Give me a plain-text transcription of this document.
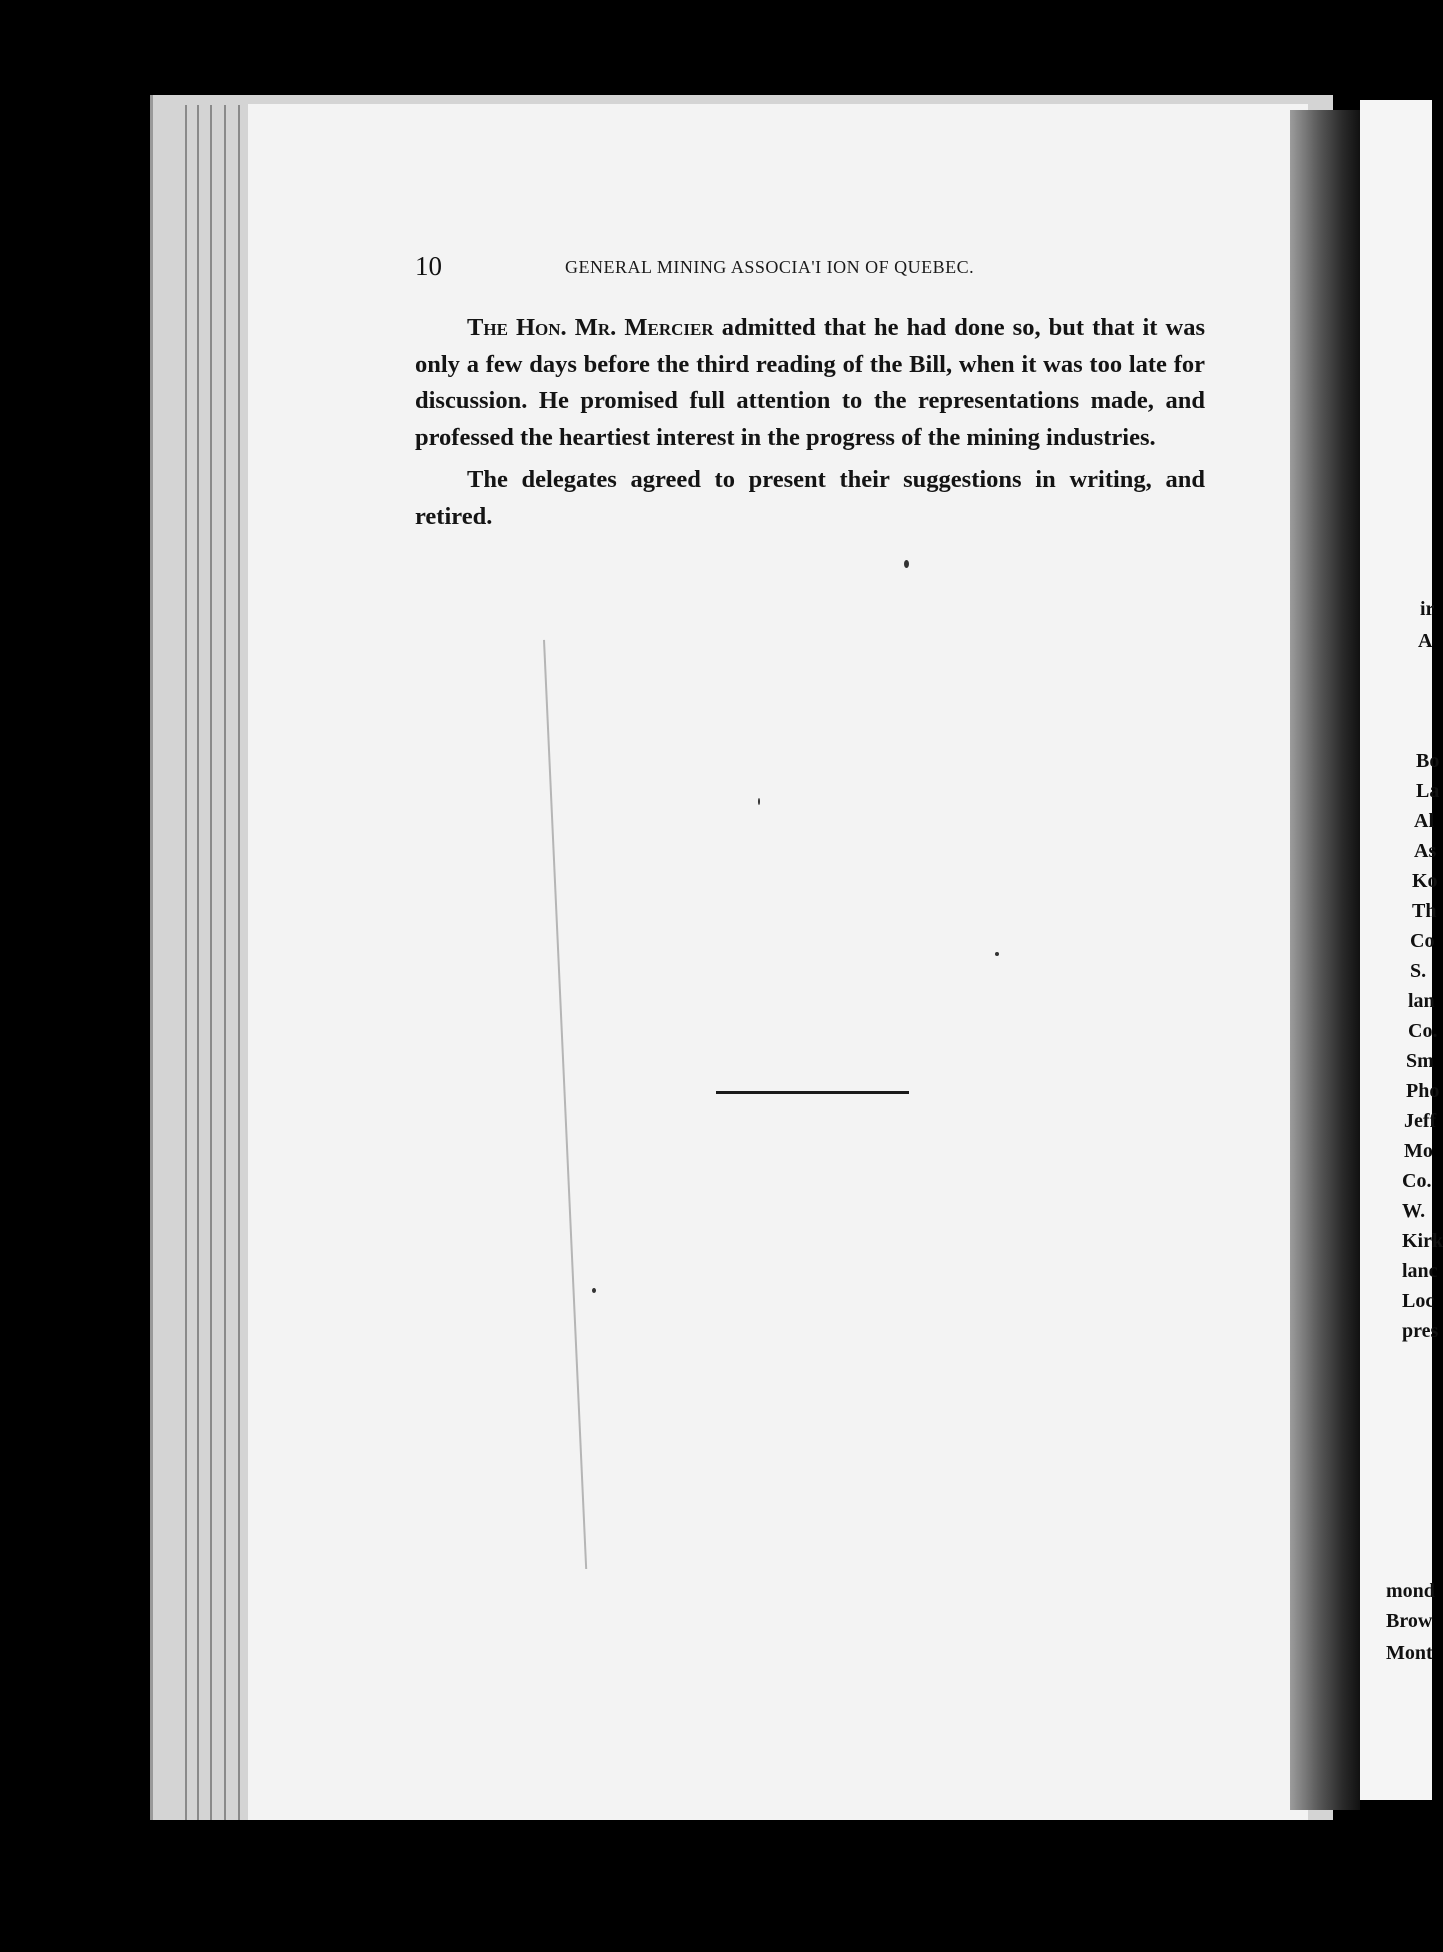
10	GENERAL MINING ASSOCIA'I ION OF QUEBEC.

The Hon. Mr. Mercier admitted that he had done so, but that it was only a few days before the third reading of the Bill, when it was too late for discussion. He promised full attention to the representations made, and professed the heartiest interest in the progress of the mining industries.

The delegates agreed to present their suggestions in writing, and retired.

ir
A
Bo
La
Al
As
Ko
Th
Co
S.
lan
Co.
Sm
Pho
Jeff
Mo
Co.
W.
Kirk
lanc
Loc
pres
mond
Brow
Mont
